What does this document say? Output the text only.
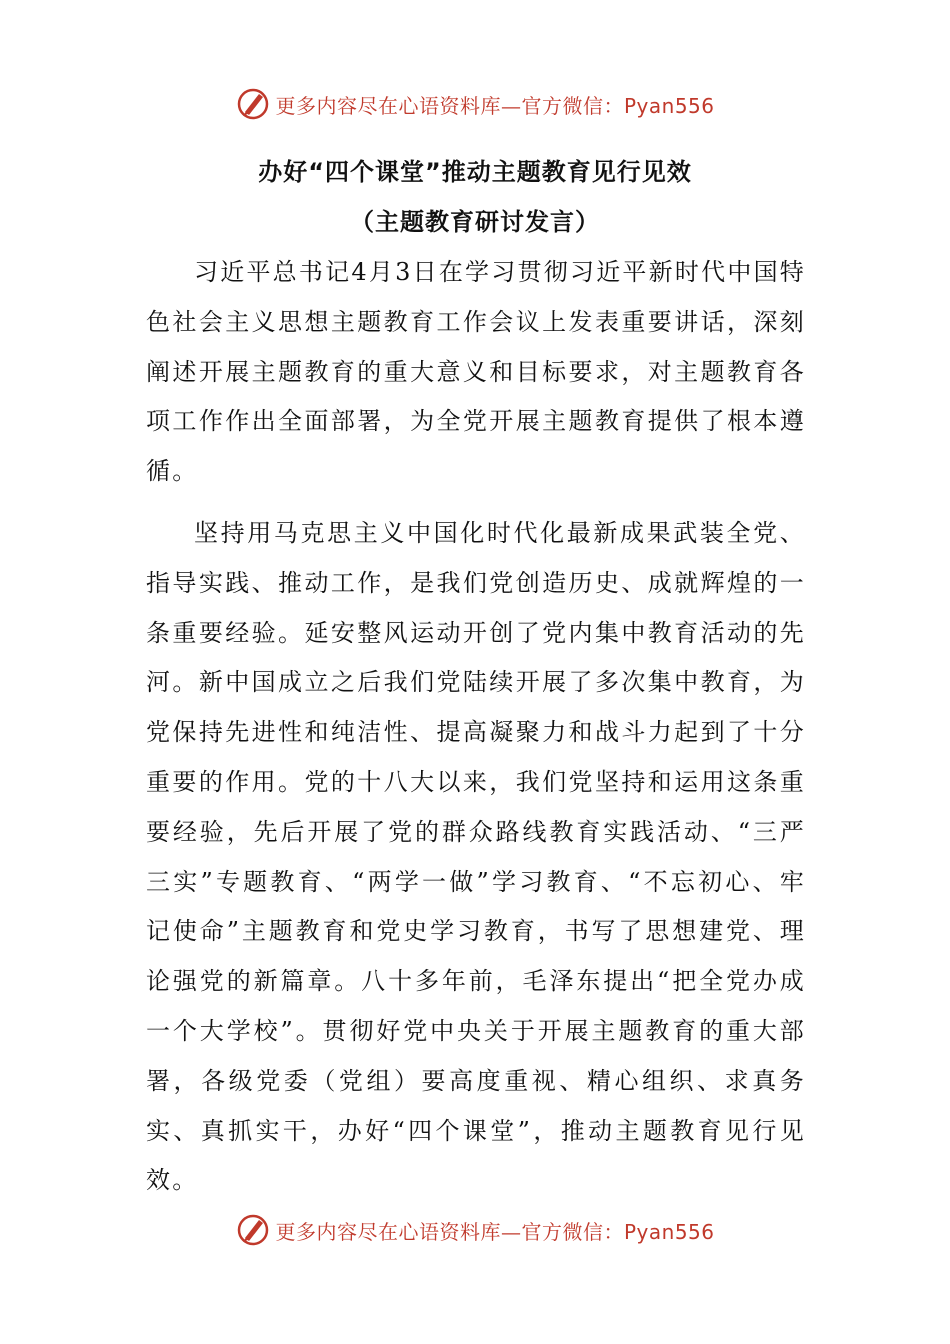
更多内容尽在心语资料库—官方微信：Pyan556
办好“四个课堂”推动主题教育见行见效
（主题教育研讨发言）

习近平总书记4月3日在学习贯彻习近平新时代中国特色社会主义思想主题教育工作会议上发表重要讲话，深刻阐述开展主题教育的重大意义和目标要求，对主题教育各项工作作出全面部署，为全党开展主题教育提供了根本遵循。

坚持用马克思主义中国化时代化最新成果武装全党、指导实践、推动工作，是我们党创造历史、成就辉煌的一条重要经验。延安整风运动开创了党内集中教育活动的先河。新中国成立之后我们党陆续开展了多次集中教育，为党保持先进性和纯洁性、提高凝聚力和战斗力起到了十分重要的作用。党的十八大以来，我们党坚持和运用这条重要经验，先后开展了党的群众路线教育实践活动、“三严三实”专题教育、“两学一做”学习教育、“不忘初心、牢记使命”主题教育和党史学习教育，书写了思想建党、理论强党的新篇章。八十多年前，毛泽东提出“把全党办成一个大学校”。贯彻好党中央关于开展主题教育的重大部署，各级党委（党组）要高度重视、精心组织、求真务实、真抓实干，办好“四个课堂”，推动主题教育见行见效。

更多内容尽在心语资料库—官方微信：Pyan556
